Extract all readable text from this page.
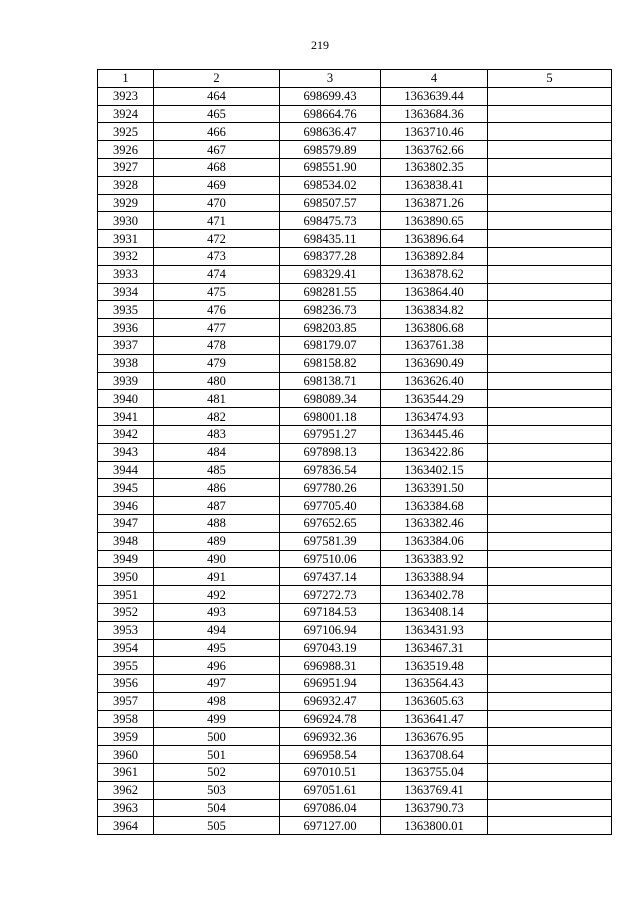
219
1	2	3	4	5
3923	464	698699.43	1363639.44	
3924	465	698664.76	1363684.36	
3925	466	698636.47	1363710.46	
3926	467	698579.89	1363762.66	
3927	468	698551.90	1363802.35	
3928	469	698534.02	1363838.41	
3929	470	698507.57	1363871.26	
3930	471	698475.73	1363890.65	
3931	472	698435.11	1363896.64	
3932	473	698377.28	1363892.84	
3933	474	698329.41	1363878.62	
3934	475	698281.55	1363864.40	
3935	476	698236.73	1363834.82	
3936	477	698203.85	1363806.68	
3937	478	698179.07	1363761.38	
3938	479	698158.82	1363690.49	
3939	480	698138.71	1363626.40	
3940	481	698089.34	1363544.29	
3941	482	698001.18	1363474.93	
3942	483	697951.27	1363445.46	
3943	484	697898.13	1363422.86	
3944	485	697836.54	1363402.15	
3945	486	697780.26	1363391.50	
3946	487	697705.40	1363384.68	
3947	488	697652.65	1363382.46	
3948	489	697581.39	1363384.06	
3949	490	697510.06	1363383.92	
3950	491	697437.14	1363388.94	
3951	492	697272.73	1363402.78	
3952	493	697184.53	1363408.14	
3953	494	697106.94	1363431.93	
3954	495	697043.19	1363467.31	
3955	496	696988.31	1363519.48	
3956	497	696951.94	1363564.43	
3957	498	696932.47	1363605.63	
3958	499	696924.78	1363641.47	
3959	500	696932.36	1363676.95	
3960	501	696958.54	1363708.64	
3961	502	697010.51	1363755.04	
3962	503	697051.61	1363769.41	
3963	504	697086.04	1363790.73	
3964	505	697127.00	1363800.01	
